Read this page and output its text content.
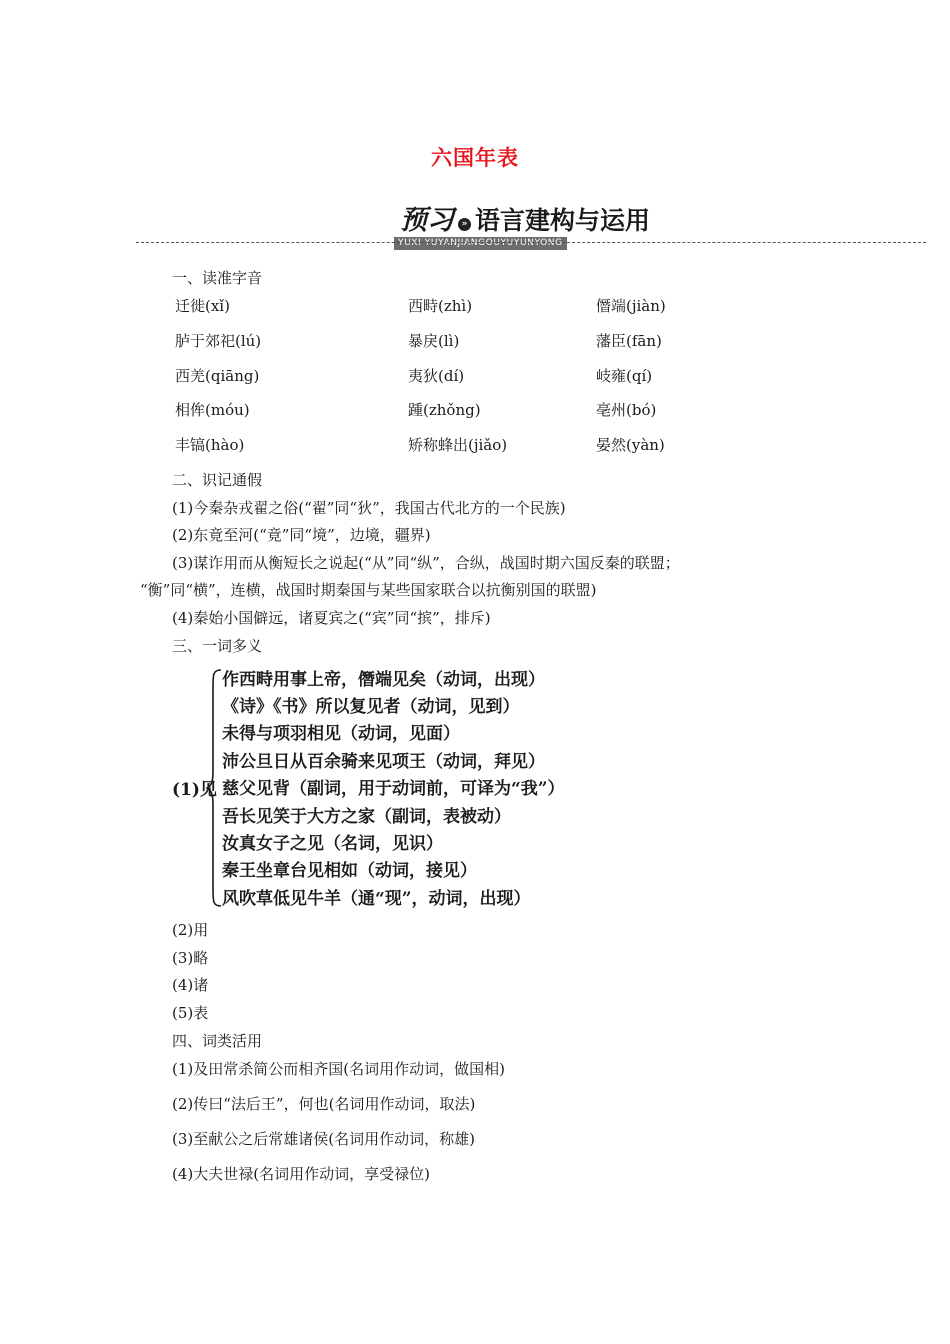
六国年表
预习 » 语言建构与运用
YUXI YUYANJIANGOUYUYUNYONG
一、读准字音
迁徙(xǐ)	西畤(zhì)	僭端(jiàn)
胪于郊祀(lú)	暴戾(lì)	藩臣(fān)
西羌(qiāng)	夷狄(dí)	岐雍(qí)
相侔(móu)	踵(zhǒng)	亳州(bó)
丰镐(hào)	矫称蜂出(jiǎo)	晏然(yàn)
二、识记通假
(1)今秦杂戎翟之俗(“翟”同“狄”，我国古代北方的一个民族)
(2)东竟至河(“竟”同“境”，边境，疆界)
(3)谋诈用而从衡短长之说起(“从”同“纵”，合纵，战国时期六国反秦的联盟；
“衡”同“横”，连横，战国时期秦国与某些国家联合以抗衡别国的联盟)
(4)秦始小国僻远，诸夏宾之(“宾”同“摈”，排斥)
三、一词多义
(1)见
作西畤用事上帝，僭端见矣（动词，出现）
《诗》《书》所以复见者（动词，见到）
未得与项羽相见（动词，见面）
沛公旦日从百余骑来见项王（动词，拜见）
慈父见背（副词，用于动词前，可译为“我”）
吾长见笑于大方之家（副词，表被动）
汝真女子之见（名词，见识）
秦王坐章台见相如（动词，接见）
风吹草低见牛羊（通“现”，动词，出现）
(2)用
(3)略
(4)诸
(5)表
四、词类活用
(1)及田常杀简公而相齐国(名词用作动词，做国相)
(2)传曰“法后王”，何也(名词用作动词，取法)
(3)至献公之后常雄诸侯(名词用作动词，称雄)
(4)大夫世禄(名词用作动词，享受禄位)
